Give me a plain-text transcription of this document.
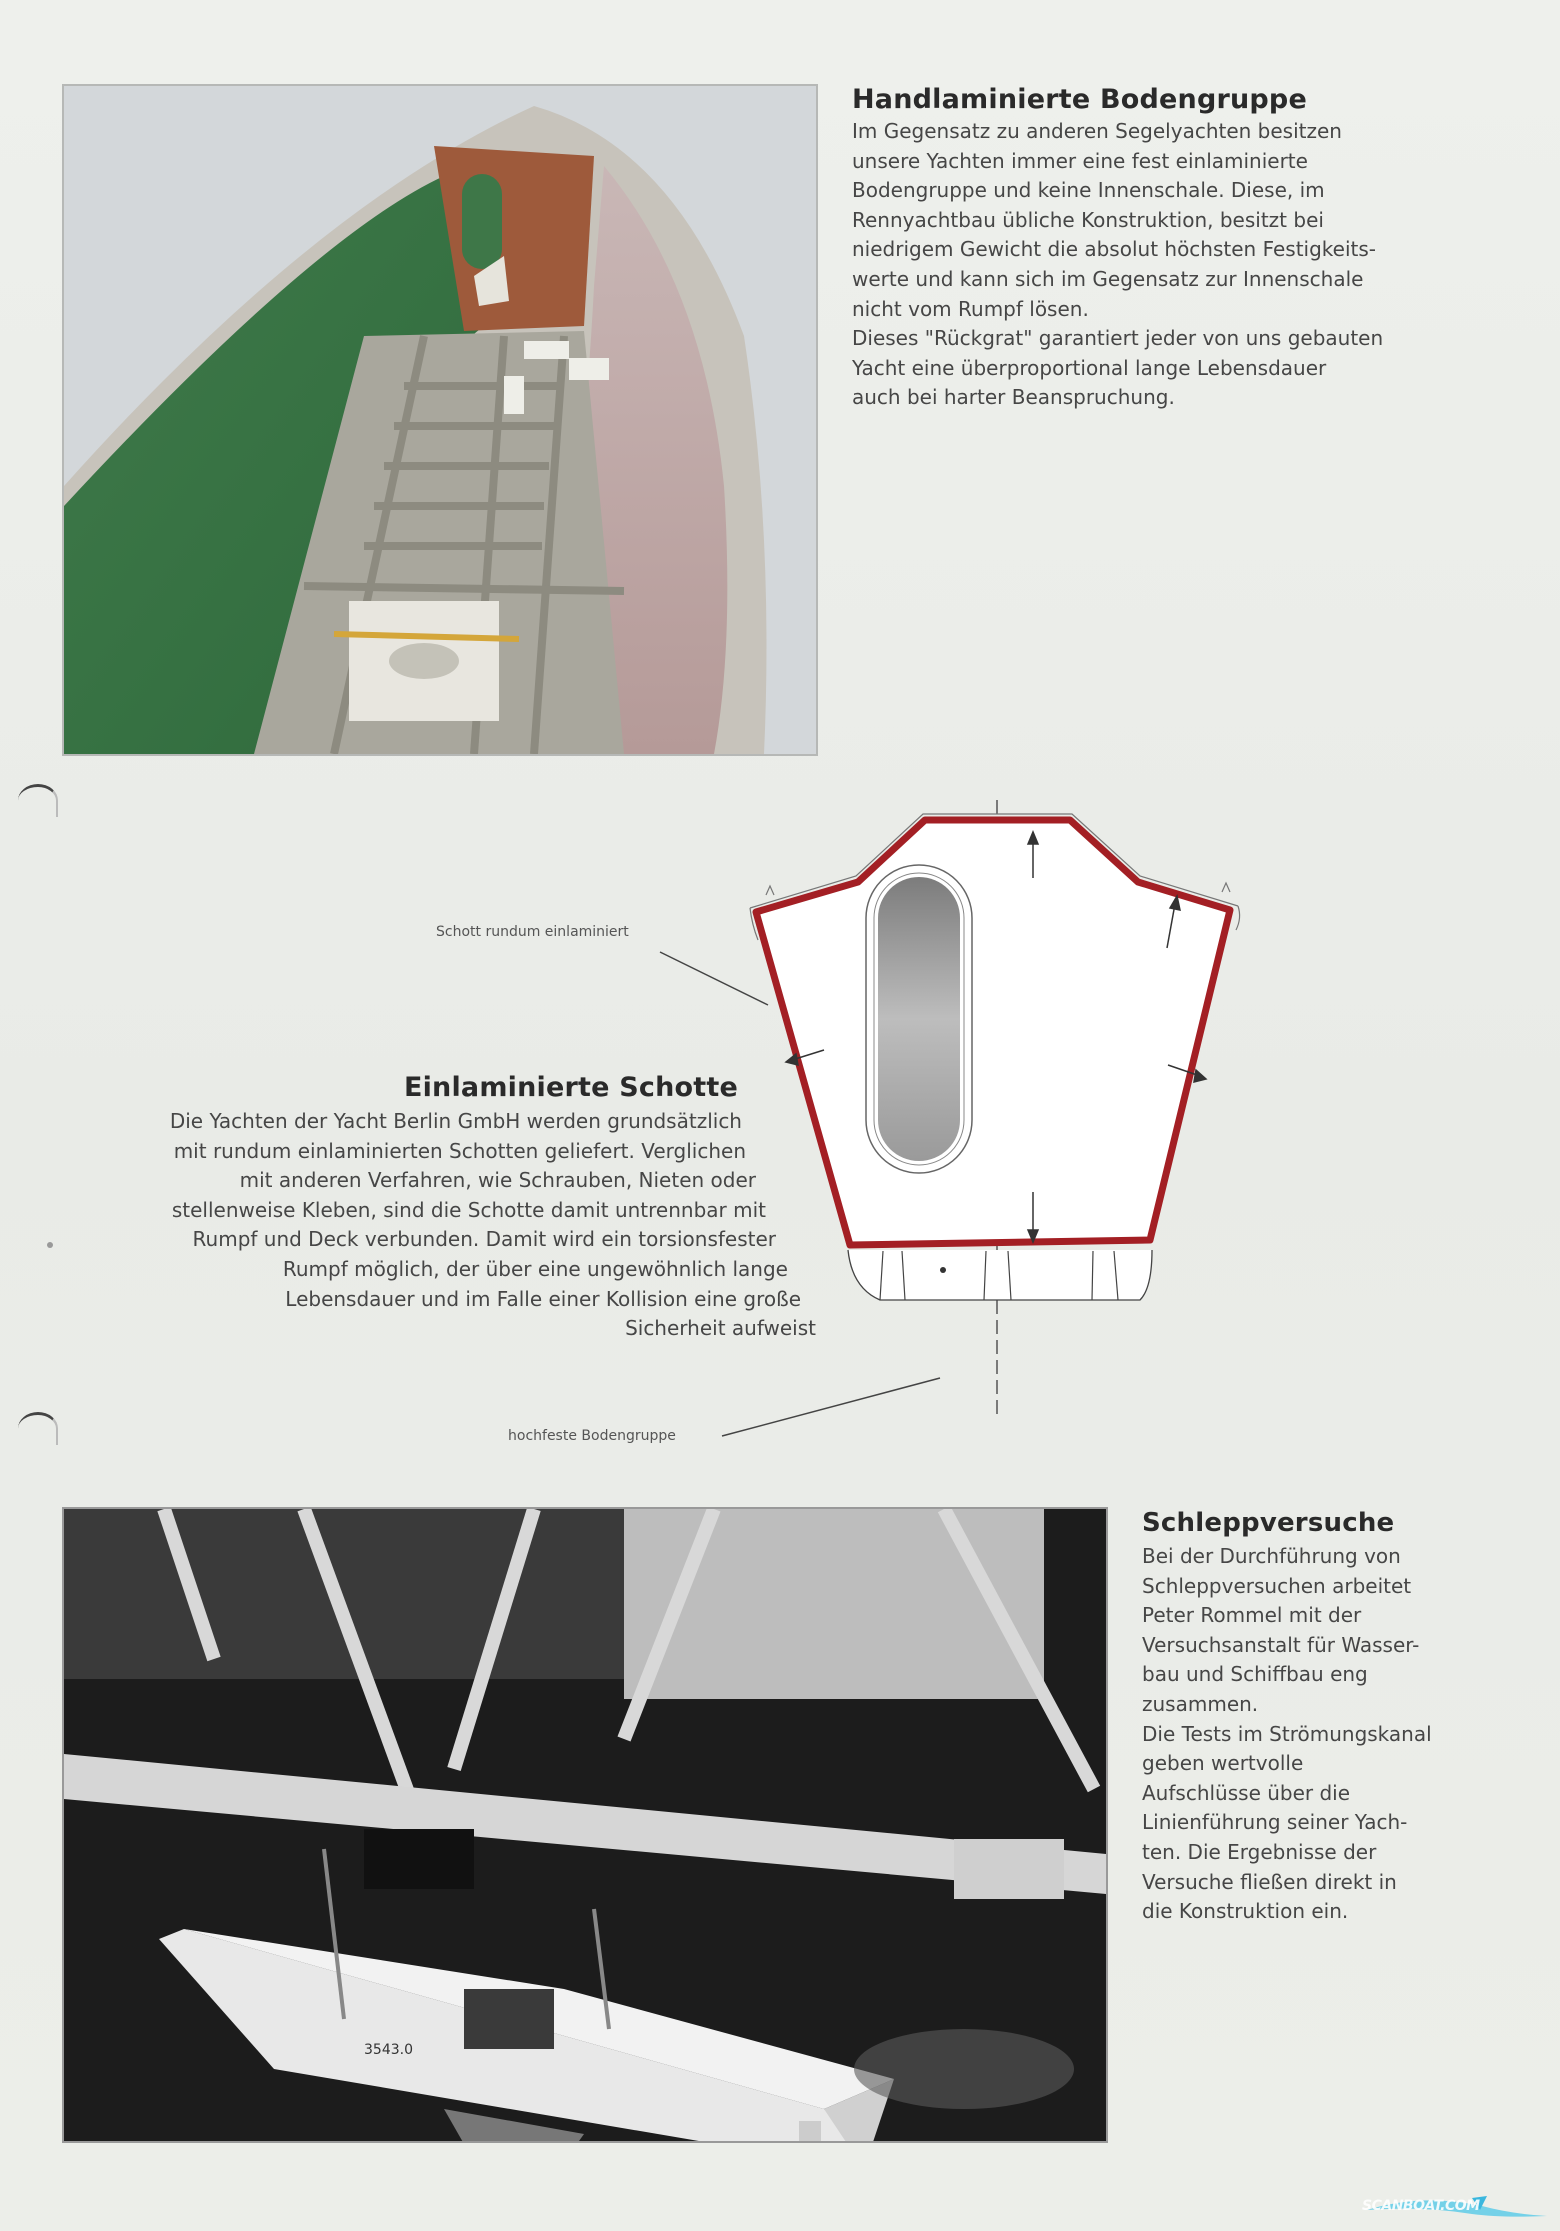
Handlaminierte Bodengruppe

Im Gegensatz zu anderen Segelyachten besitzen
unsere Yachten immer eine fest einlaminierte
Bodengruppe und keine Innenschale. Diese, im
Rennyachtbau übliche Konstruktion, besitzt bei
niedrigem Gewicht die absolut höchsten Festigkeits-
werte und kann sich im Gegensatz zur Innenschale
nicht vom Rumpf lösen.
Dieses "Rückgrat" garantiert jeder von uns gebauten
Yacht eine überproportional lange Lebensdauer
auch bei harter Beanspruchung.

Schott rundum einlaminiert
hochfeste Bodengruppe
Einlaminierte Schotte
Die Yachten der Yacht Berlin GmbH werden grundsätzlich
mit rundum einlaminierten Schotten geliefert. Verglichen
mit anderen Verfahren, wie Schrauben, Nieten oder
stellenweise Kleben, sind die Schotte damit untrennbar mit
Rumpf und Deck verbunden. Damit wird ein torsionsfester
Rumpf möglich, der über eine ungewöhnlich lange
Lebensdauer und im Falle einer Kollision eine große
Sicherheit aufweist
3543.0
Schleppversuche

Bei der Durchführung von
Schleppversuchen arbeitet
Peter Rommel mit der
Versuchsanstalt für Wasser-
bau und Schiffbau eng
zusammen.
Die Tests im Strömungskanal
geben wertvolle
Aufschlüsse über die
Linienführung seiner Yach-
ten. Die Ergebnisse der
Versuche fließen direkt in
die Konstruktion ein.

SCANBOAT.COM
